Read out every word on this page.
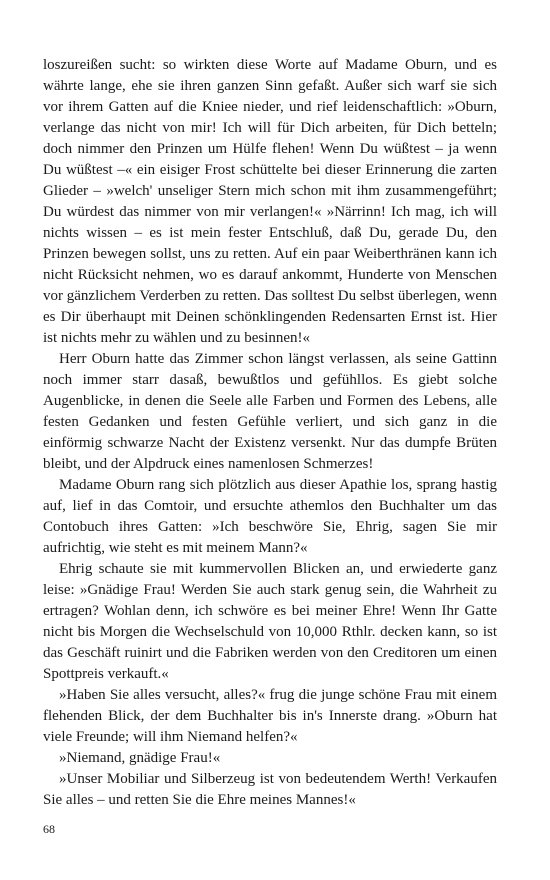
loszureißen sucht: so wirkten diese Worte auf Madame Oburn, und es währte lange, ehe sie ihren ganzen Sinn gefaßt. Außer sich warf sie sich vor ihrem Gatten auf die Kniee nieder, und rief leidenschaftlich: »Oburn, verlange das nicht von mir! Ich will für Dich arbeiten, für Dich betteln; doch nimmer den Prinzen um Hülfe flehen! Wenn Du wüßtest – ja wenn Du wüßtest –« ein eisiger Frost schüttelte bei dieser Erinnerung die zarten Glieder – »welch' unseliger Stern mich schon mit ihm zusammengeführt; Du würdest das nimmer von mir verlangen!« »Närrinn! Ich mag, ich will nichts wissen – es ist mein fester Entschluß, daß Du, gerade Du, den Prinzen bewegen sollst, uns zu retten. Auf ein paar Weiberthränen kann ich nicht Rücksicht nehmen, wo es darauf ankommt, Hunderte von Menschen vor gänzlichem Verderben zu retten. Das solltest Du selbst überlegen, wenn es Dir überhaupt mit Deinen schönklingenden Redensarten Ernst ist. Hier ist nichts mehr zu wählen und zu besinnen!«

Herr Oburn hatte das Zimmer schon längst verlassen, als seine Gattinn noch immer starr dasaß, bewußtlos und gefühllos. Es giebt solche Augenblicke, in denen die Seele alle Farben und Formen des Lebens, alle festen Gedanken und festen Gefühle verliert, und sich ganz in die einförmig schwarze Nacht der Existenz versenkt. Nur das dumpfe Brüten bleibt, und der Alpdruck eines namenlosen Schmerzes!

Madame Oburn rang sich plötzlich aus dieser Apathie los, sprang hastig auf, lief in das Comtoir, und ersuchte athemlos den Buchhalter um das Contobuch ihres Gatten: »Ich beschwöre Sie, Ehrig, sagen Sie mir aufrichtig, wie steht es mit meinem Mann?«

Ehrig schaute sie mit kummervollen Blicken an, und erwiederte ganz leise: »Gnädige Frau! Werden Sie auch stark genug sein, die Wahrheit zu ertragen? Wohlan denn, ich schwöre es bei meiner Ehre! Wenn Ihr Gatte nicht bis Morgen die Wechselschuld von 10,000 Rthlr. decken kann, so ist das Geschäft ruinirt und die Fabriken werden von den Creditoren um einen Spottpreis verkauft.«

»Haben Sie alles versucht, alles?« frug die junge schöne Frau mit einem flehenden Blick, der dem Buchhalter bis in's Innerste drang. »Oburn hat viele Freunde; will ihm Niemand helfen?«

»Niemand, gnädige Frau!«

»Unser Mobiliar und Silberzeug ist von bedeutendem Werth! Verkaufen Sie alles – und retten Sie die Ehre meines Mannes!«

68
